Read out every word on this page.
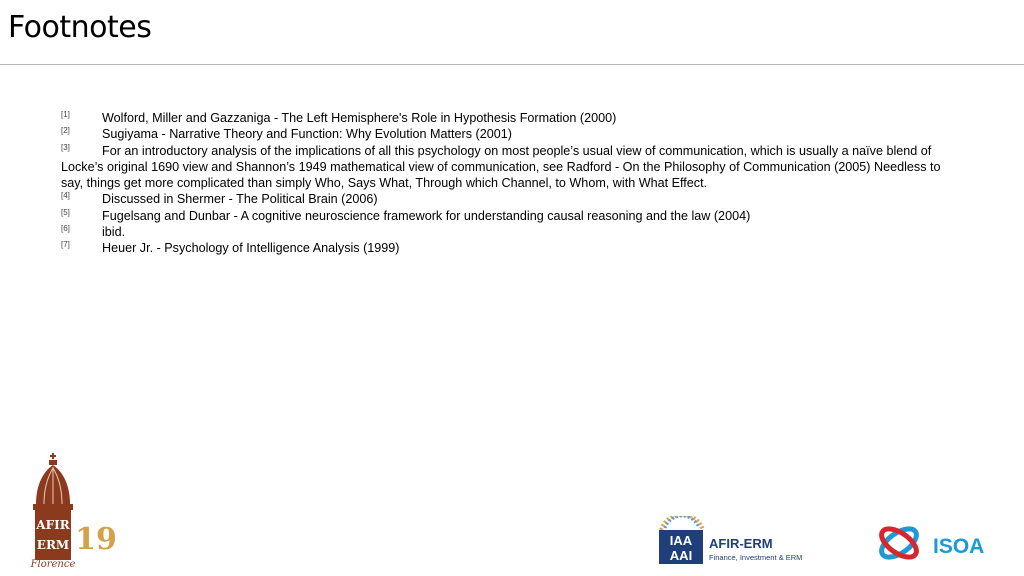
Footnotes
[1]	Wolford, Miller and Gazzaniga - The Left Hemisphere's Role in Hypothesis Formation (2000)
[2]	Sugiyama - Narrative Theory and Function: Why Evolution Matters (2001)
[3]	For an introductory analysis of the implications of all this psychology on most people’s usual view of communication, which is usually a naïve blend of Locke’s original 1690 view and Shannon’s 1949 mathematical view of communication, see Radford - On the Philosophy of Communication (2005) Needless to say, things get more complicated than simply Who, Says What, Through which Channel, to Whom, with What Effect.
[4]	Discussed in Shermer - The Political Brain (2006)
[5]	Fugelsang and Dunbar - A cognitive neuroscience framework for understanding causal reasoning and the law (2004)
[6]	ibid.
[7]	Heuer Jr. - Psychology of Intelligence Analysis (1999)
AFIR
ERM 19
Florence
IAA
AAI
AFIR-ERM
Finance, Investment & ERM	ISOA
